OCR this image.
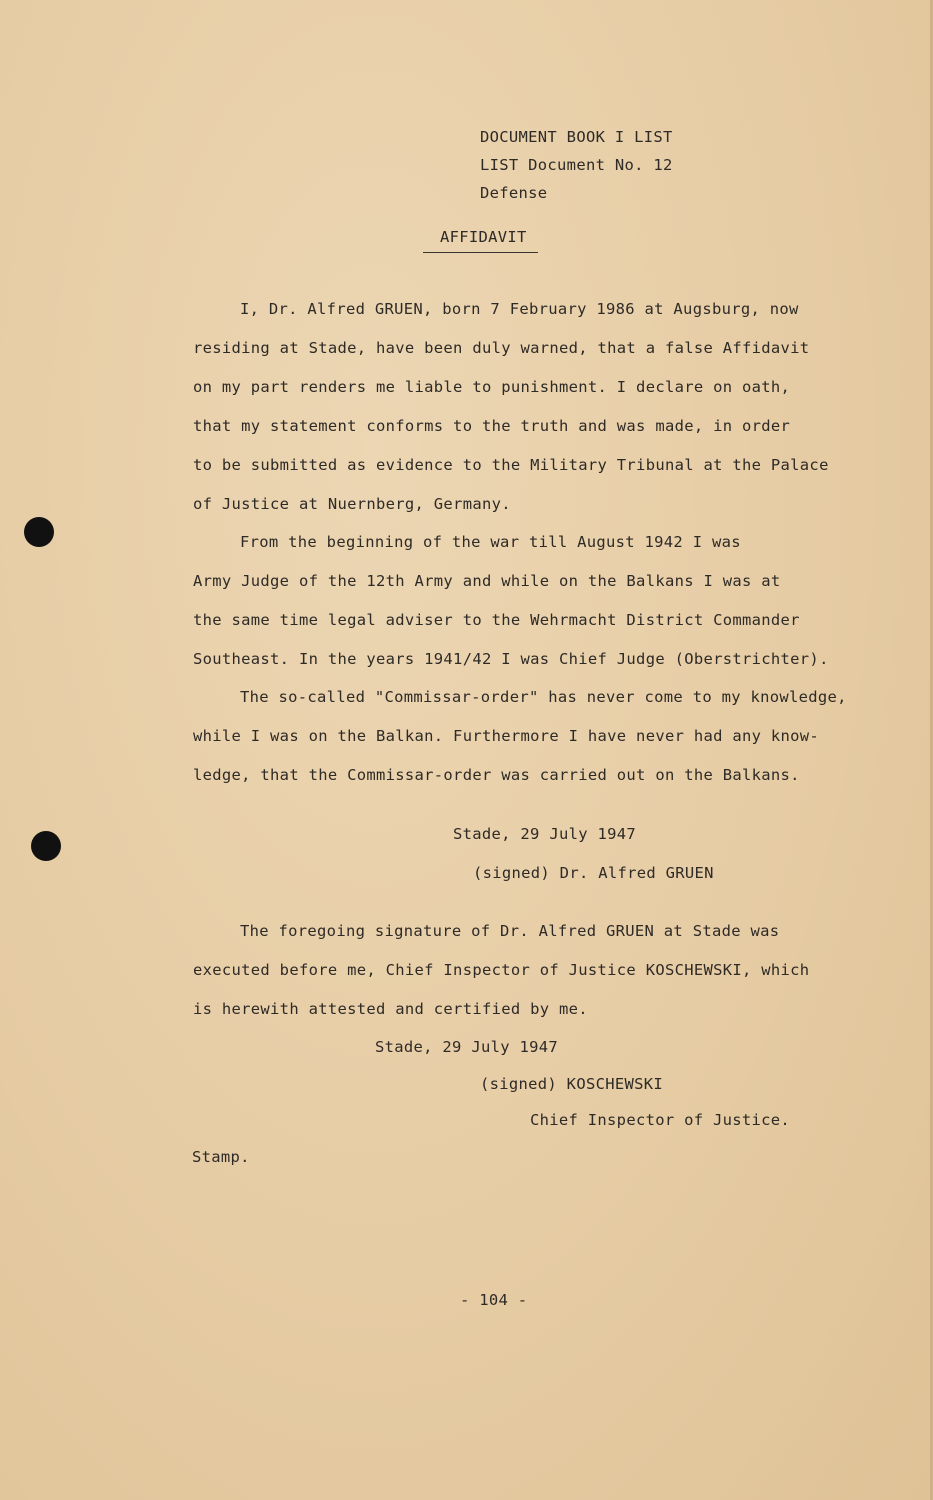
DOCUMENT BOOK I LIST
LIST Document No. 12
Defense
AFFIDAVIT
I, Dr. Alfred GRUEN, born 7 February 1986 at Augsburg, now
residing at Stade, have been duly warned, that a false Affidavit
on my part renders me liable to punishment. I declare on oath,
that my statement conforms to the truth and was made, in order
to be submitted as evidence to the Military Tribunal at the Palace
of Justice at Nuernberg, Germany.
From the beginning of the war till August 1942 I was
Army Judge of the 12th Army and while on the Balkans I was at
the same time legal adviser to the Wehrmacht District Commander
Southeast. In the years 1941/42 I was Chief Judge (Oberstrichter).
The so-called "Commissar-order" has never come to my knowledge,
while I was on the Balkan. Furthermore I have never had any know-
ledge, that the Commissar-order was carried out on the Balkans.
Stade, 29 July 1947
(signed) Dr. Alfred GRUEN
The foregoing signature of Dr. Alfred GRUEN at Stade was
executed before me, Chief Inspector of Justice KOSCHEWSKI, which
is herewith attested and certified by me.
Stade, 29 July 1947
(signed) KOSCHEWSKI
Chief Inspector of Justice.
Stamp.
- 104 -
